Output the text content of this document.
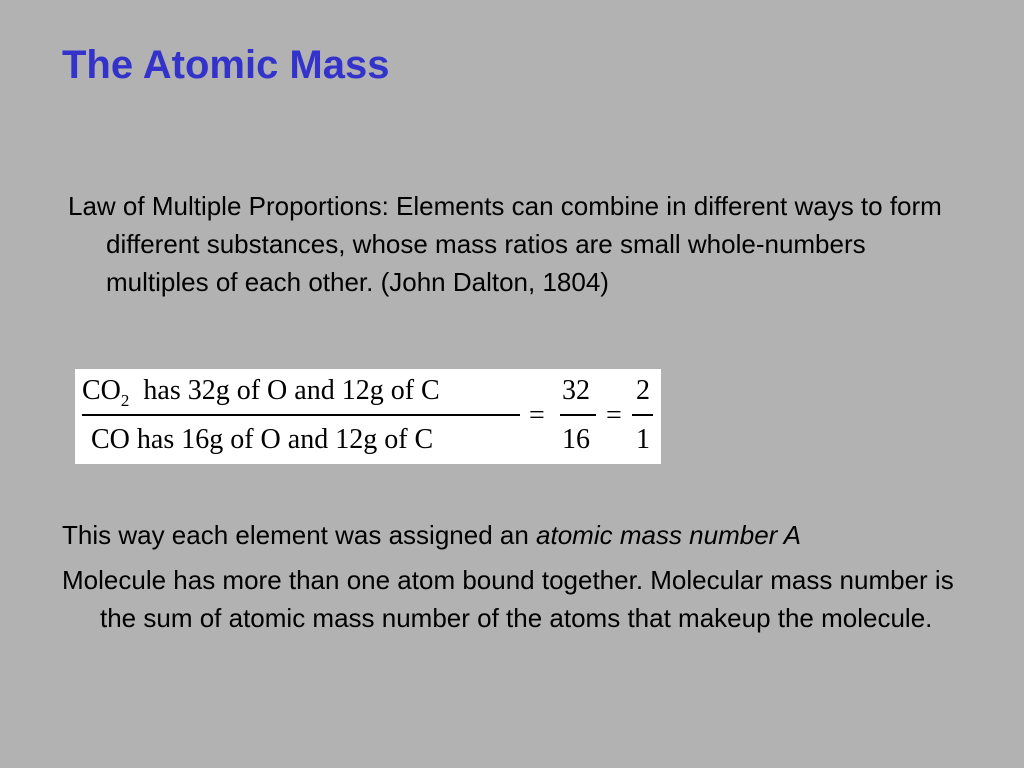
The Atomic Mass
Law of Multiple Proportions: Elements can combine in different ways to form different substances, whose mass ratios are small whole-numbers multiples of each other. (John Dalton, 1804)
$CO_2$ has 32g of O and 12g of C
CO has 16g of O and 12g of C
=
32
16
=
2
1
This way each element was assigned an atomic mass number A
Molecule has more than one atom bound together. Molecular mass number is the sum of atomic mass number of the atoms that makeup the molecule.
